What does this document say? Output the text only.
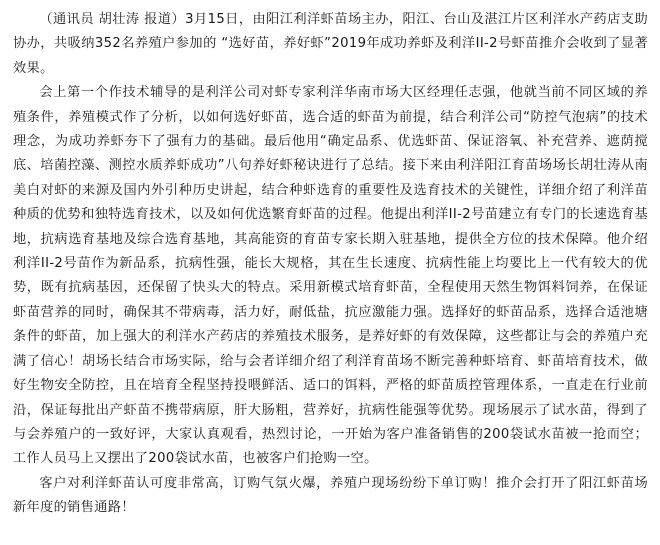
（通讯员 胡壮涛 报道）3月15日，由阳江利洋虾苗场主办，阳江、台山及湛江片区利洋水产药店支助协办，共吸纳352名养殖户参加的 “选好苗，养好虾”2019年成功养虾及利洋II-2号虾苗推介会收到了显著效果。

会上第一个作技术辅导的是利洋公司对虾专家利洋华南市场大区经理任志强，他就当前不同区域的养殖条件，养殖模式作了分析，以如何选好虾苗，选合适的虾苗为前提，结合利洋公司“防控气泡病”的技术理念，为成功养虾夯下了强有力的基础。最后他用“确定品系、优选虾苗、保证溶氧、补充营养、遮荫搅底、培菌控藻、测控水质养虾成功”八句养好虾秘诀进行了总结。接下来由利洋阳江育苗场场长胡壮涛从南美白对虾的来源及国内外引种历史讲起，结合种虾选育的重要性及选育技术的关键性，详细介绍了利洋苗种质的优势和独特选育技术，以及如何优选繁育虾苗的过程。他提出利洋II-2号苗建立有专门的长速选育基地，抗病选育基地及综合选育基地，其高能资的育苗专家长期入驻基地，提供全方位的技术保障。他介绍利洋II-2号苗作为新品系，抗病性强，能长大规格，其在生长速度、抗病性能上均要比上一代有较大的优势，既有抗病基因，还保留了快头大的特点。采用新模式培育虾苗，全程使用天然生物饵料饲养，在保证虾苗营养的同时，确保其不带病毒，活力好，耐低盐，抗应激能力强。选择好的虾苗品系，选择合适池塘条件的虾苗，加上强大的利洋水产药店的养殖技术服务，是养好虾的有效保障，这些都让与会的养殖户充满了信心！胡场长结合市场实际，给与会者详细介绍了利洋育苗场不断完善种虾培育、虾苗培育技术，做好生物安全防控，且在培育全程坚持投喂鲜活、适口的饵料，严格的虾苗质控管理体系，一直走在行业前沿，保证每批出产虾苗不携带病原，肝大肠粗，营养好，抗病性能强等优势。现场展示了试水苗，得到了与会养殖户的一致好评，大家认真观看，热烈讨论，一开始为客户准备销售的200袋试水苗被一抢而空；工作人员马上又摆出了200袋试水苗，也被客户们抢购一空。

客户对利洋虾苗认可度非常高，订购气氛火爆，养殖户现场纷纷下单订购！推介会打开了阳江虾苗场新年度的销售通路！
